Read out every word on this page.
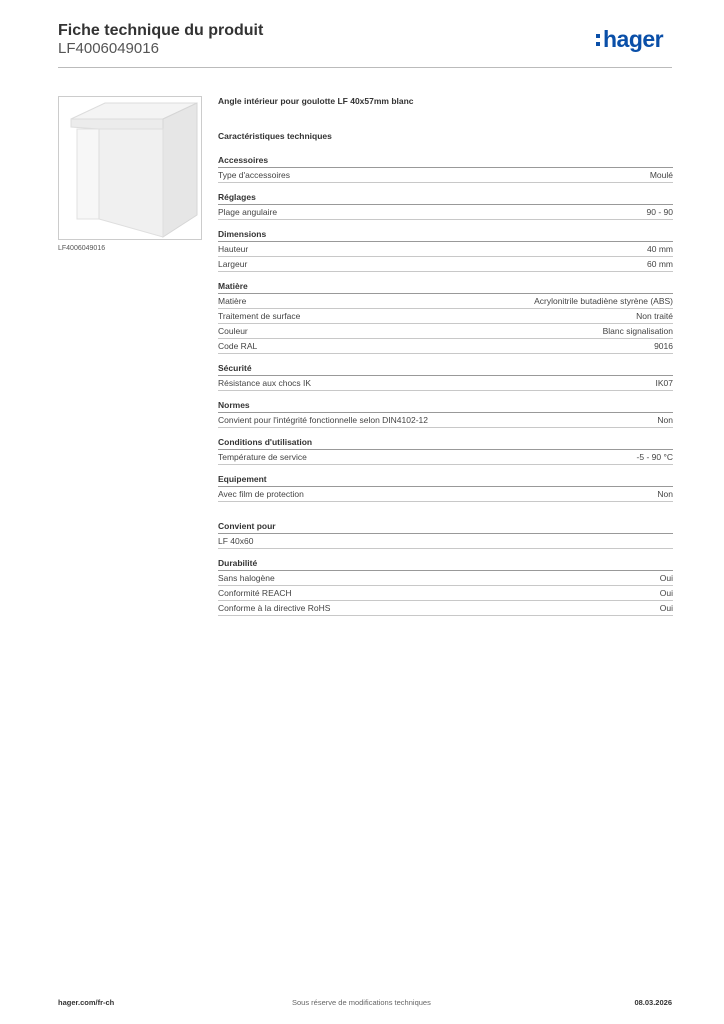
Fiche technique du produit
LF4006049016	hager
LF4006049016
Angle intérieur pour goulotte LF 40x57mm blanc
Caractéristiques techniques
Accessoires
Type d'accessoires	Moulé
Réglages
Plage angulaire	90 - 90
Dimensions
Hauteur	40 mm
Largeur	60 mm
Matière
Matière	Acrylonitrile butadiène styrène (ABS)
Traitement de surface	Non traité
Couleur	Blanc signalisation
Code RAL	9016
Sécurité
Résistance aux chocs IK	IK07
Normes
Convient pour l'intégrité fonctionnelle selon DIN4102-12	Non
Conditions d'utilisation
Température de service	-5 - 90 °C
Equipement
Avec film de protection	Non
Convient pour
LF 40x60
Durabilité
Sans halogène	Oui
Conformité REACH	Oui
Conforme à la directive RoHS	Oui
hager.com/fr-ch	Sous réserve de modifications techniques	08.03.2026
